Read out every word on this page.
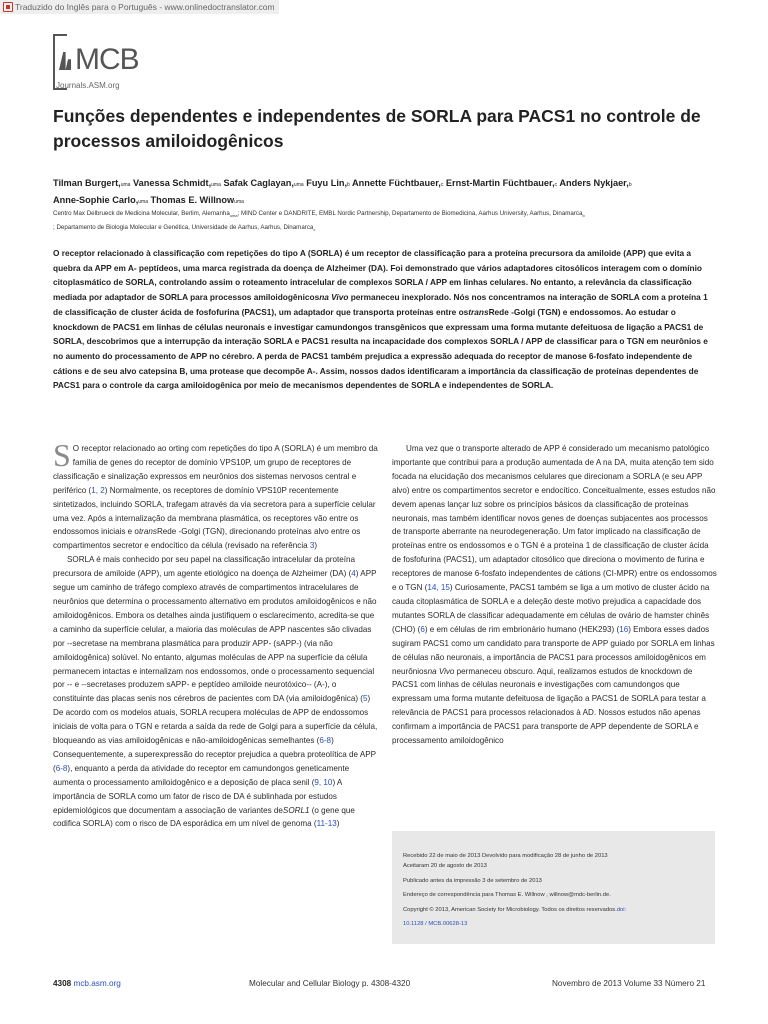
Traduzido do Inglês para o Português - www.onlinedoctranslator.com
MCB
Journals.ASM.org
Funções dependentes e independentes de SORLA para PACS1 no controle de processos amiloidogênicos
Tilman Burgert,uma Vanessa Schmidt,uma Safak Caglayan,uma Fuyu Lin,b Annette Füchtbauer,c Ernst-Martin Füchtbauer,c Anders Nykjaer,b
Anne-Sophie Carlo,uma Thomas E. Willnowuma
Centro Max Delbrueck de Medicina Molecular, Berlim, Alemanha$_{uma}$; MIND Center e DANDRITE, EMBL Nordic Partnership, Departamento de Biomedicina, Aarhus University, Aarhus, Dinamarca$_b$
; Departamento de Biologia Molecular e Genética, Universidade de Aarhus, Aarhus, Dinamarca$_c$

O receptor relacionado à classificação com repetições do tipo A (SORLA) é um receptor de classificação para a proteína precursora da amiloide (APP) que evita a quebra da APP em A- peptídeos, uma marca registrada da doença de Alzheimer (DA). Foi demonstrado que vários adaptadores citosólicos interagem com o domínio citoplasmático de SORLA, controlando assim o roteamento intracelular de complexos SORLA / APP em linhas celulares. No entanto, a relevância da classificação mediada por adaptador de SORLA para processos amiloidogênicosna Vivo permaneceu inexplorado. Nós nos concentramos na interação de SORLA com a proteína 1 de classificação de cluster ácida de fosfofurina (PACS1), um adaptador que transporta proteínas entre ostransRede -Golgi (TGN) e endossomos. Ao estudar o knockdown de PACS1 em linhas de células neuronais e investigar camundongos transgênicos que expressam uma forma mutante defeituosa de ligação a PACS1 de SORLA, descobrimos que a interrupção da interação SORLA e PACS1 resulta na incapacidade dos complexos SORLA / APP de classificar para o TGN em neurônios e no aumento do processamento de APP no cérebro. A perda de PACS1 também prejudica a expressão adequada do receptor de manose 6-fosfato independente de cátions e de seu alvo catepsina B, uma protease que decompõe A-. Assim, nossos dados identificaram a importância da classificação de proteínas dependentes de PACS1 para o controle da carga amiloidogênica por meio de mecanismos dependentes de SORLA e independentes de SORLA.

S O receptor relacionado ao orting com repetições do tipo A (SORLA) é um membro da família de genes do receptor de domínio VPS10P, um grupo de receptores de classificação e sinalização expressos em neurônios dos sistemas nervosos central e periférico (1, 2) Normalmente, os receptores de domínio VPS10P recentemente sintetizados, incluindo SORLA, trafegam através da via secretora para a superfície celular uma vez. Após a internalização da membrana plasmática, os receptores vão entre os endossomos iniciais e otransRede -Golgi (TGN), direcionando proteínas alvo entre os compartimentos secretor e endocítico da célula (revisado na referência 3)

SORLA é mais conhecido por seu papel na classificação intracelular da proteína precursora de amiloide (APP), um agente etiológico na doença de Alzheimer (DA) (4) APP segue um caminho de tráfego complexo através de compartimentos intracelulares de neurônios que determina o processamento alternativo em produtos amiloidogênicos e não amiloidogênicos. Embora os detalhes ainda justifiquem o esclarecimento, acredita-se que a caminho da superfície celular, a maioria das moléculas de APP nascentes são clivadas por --secretase na membrana plasmática para produzir APP- (sAPP-) (via não amiloidogênica) solúvel. No entanto, algumas moléculas de APP na superfície da célula permanecem intactas e internalizam nos endossomos, onde o processamento sequencial por -- e --secretases produzem sAPP- e peptídeo amiloide neurotóxico-- (A-), o constituinte das placas senis nos cérebros de pacientes com DA (via amiloidogênica) (5) De acordo com os modelos atuais, SORLA recupera moléculas de APP de endossomos iniciais de volta para o TGN e retarda a saída da rede de Golgi para a superfície da célula, bloqueando as vias amiloidogênicas e não-amiloidogênicas semelhantes (6-8) Consequentemente, a superexpressão do receptor prejudica a quebra proteolítica de APP (6-8), enquanto a perda da atividade do receptor em camundongos geneticamente aumenta o processamento amiloidogênico e a deposição de placa senil (9, 10) A importância de SORLA como um fator de risco de DA é sublinhada por estudos epidemiológicos que documentam a associação de variantes deSORL1 (o gene que codifica SORLA) com o risco de DA esporádica em um nível de genoma (11-13)

Uma vez que o transporte alterado de APP é considerado um mecanismo patológico importante que contribui para a produção aumentada de A na DA, muita atenção tem sido focada na elucidação dos mecanismos celulares que direcionam a SORLA (e seu APP alvo) entre os compartimentos secretor e endocítico. Conceitualmente, esses estudos não devem apenas lançar luz sobre os princípios básicos da classificação de proteínas neuronais, mas também identificar novos genes de doenças subjacentes aos processos de transporte aberrante na neurodegeneração. Um fator implicado na classificação de proteínas entre os endossomos e o TGN é a proteína 1 de classificação de cluster ácida de fosfofurina (PACS1), um adaptador citosólico que direciona o movimento de furina e receptores de manose 6-fosfato independentes de cátions (CI-MPR) entre os endossomos e o TGN (14, 15) Curiosamente, PACS1 também se liga a um motivo de cluster ácido na cauda citoplasmática de SORLA e a deleção deste motivo prejudica a capacidade dos mutantes SORLA de classificar adequadamente em células de ovário de hamster chinês (CHO) (6) e em células de rim embrionário humano (HEK293) (16) Embora esses dados sugiram PACS1 como um candidato para transporte de APP guiado por SORLA em linhas de células não neuronais, a importância de PACS1 para processos amiloidogênicos em neurôniosna Vivo permaneceu obscuro. Aqui, realizamos estudos de knockdown de PACS1 com linhas de células neuronais e investigações com camundongos que expressam uma forma mutante defeituosa de ligação a PACS1 de SORLA para testar a relevância de PACS1 para processos relacionados à AD. Nossos estudos não apenas confirmam a importância de PACS1 para transporte de APP dependente de SORLA e processamento amiloidogênico

Recebido 22 de maio de 2013 Devolvido para modificação 28 de junho de 2013

Aceitaram 20 de agosto de 2013

Publicado antes da impressão 3 de setembro de 2013

Endereço de correspondência para Thomas E. Willnow , willnow@mdc-berlin.de.

Copyright © 2013, American Society for Microbiology. Todos os direitos reservados.doi:

10.1128 / MCB.00628-13

4308 mcb.asm.org	Molecular and Cellular Biology p. 4308-4320	Novembro de 2013 Volume 33 Número 21
